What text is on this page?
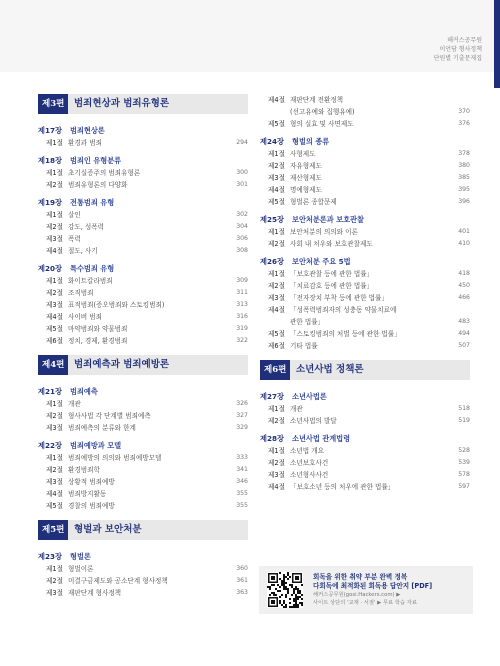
해커스공무원
이언담 형사정책
단원별 기출문제집
제3편	범죄현상과 범죄유형론
제17장	범죄현상론
제1절 환경과 범죄	294
제18장	범죄인 유형분류
제1절 초기실증주의 범죄유형론	300
제2절 범죄유형론의 다양화	301
제19장	전통범죄 유형
제1절 살인	302
제2절 강도, 성폭력	304
제3절 폭력	306
제4절 절도, 사기	308
제20장	특수범죄 유형
제1절 화이트칼라범죄	309
제2절 조직범죄	311
제3절 표적범죄(증오범죄와 스토킹범죄)	313
제4절 사이버 범죄	316
제5절 마약범죄와 약물범죄	319
제6절 정치, 경제, 환경범죄	322
제4편	범죄예측과 범죄예방론
제21장	범죄예측
제1절 개관	326
제2절 형사사법 각 단계별 범죄예측	327
제3절 범죄예측의 분류와 한계	329
제22장	범죄예방과 모델
제1절 범죄예방의 의의와 범죄예방모델	333
제2절 환경범죄학	341
제3절 상황적 범죄예방	346
제4절 범죄방지활동	355
제5절 경찰의 범죄예방	355
제5편	형벌과 보안처분
제23장	형벌론
제1절 형벌이론	360
제2절 미결구금제도와 공소단계 형사정책	361
제3절 재판단계 형사정책	363
제4절 재판단계 전환정책
(선고유예와 집행유예)	370
제5절 형의 실효 및 사면제도	376
제24장	형벌의 종류
제1절 사형제도	378
제2절 자유형제도	380
제3절 재산형제도	385
제4절 명예형제도	395
제5절 형벌론 종합문제	396
제25장	보안처분론과 보호관찰
제1절 보안처분의 의의와 이론	401
제2절 사회 내 처우와 보호관찰제도	410
제26장	보안처분 주요 5법
제1절 「보호관찰 등에 관한 법률」	418
제2절 「치료감호 등에 관한 법률」	450
제3절 「전자장치 부착 등에 관한 법률」	466
제4절 「성폭력범죄자의 성충동 약물치료에
관한 법률」	483
제5절 「스토킹범죄의 처벌 등에 관한 법률」	494
제6절 기타 법률	507
제6편	소년사법 정책론
제27장	소년사법론
제1절 개관	518
제2절 소년사법의 발달	519
제28장	소년사법 관계법령
제1절 소년법 개요	528
제2절 소년보호사건	539
제3절 소년형사사건	578
제4절 「보호소년 등의 처우에 관한 법률」	597
회독을 위한 취약 부분 완벽 정복
다회독에 최적화된 회독용 답안지 [PDF]
해커스공무원(gosi.Hackers.com) ▶
사이트 상단의 '교재 · 서점' ▶ 무료 학습 자료
